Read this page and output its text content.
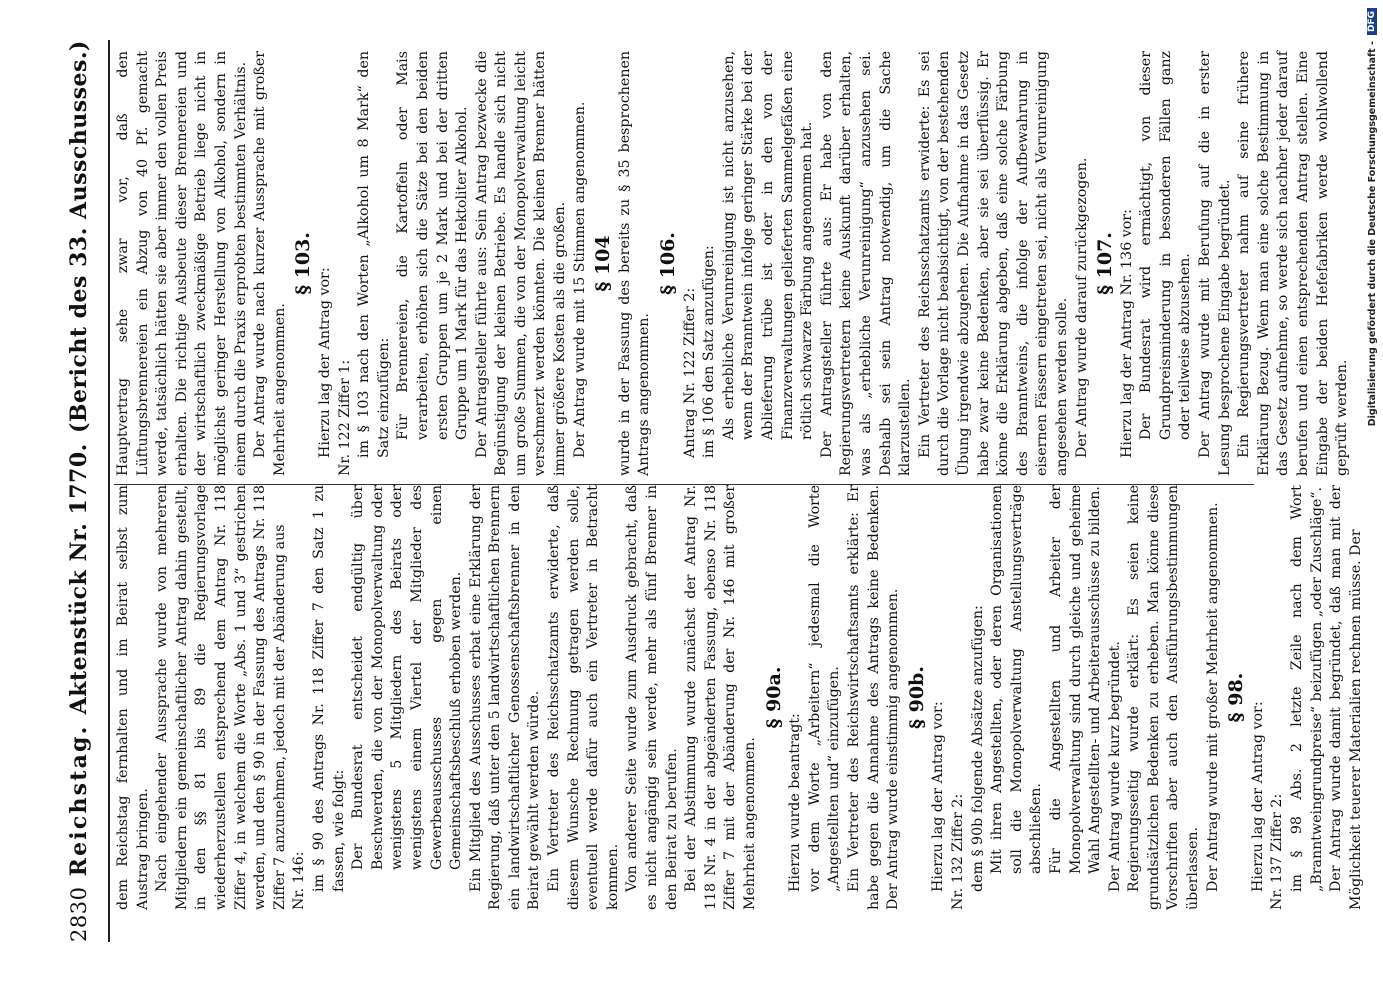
2830
Reichstag.
Aktenstück Nr. 1770.
(Bericht des 33. Ausschusses.)

dem Reichstag fernhalten und im Beirat selbst zum Austrag bringen. Nach eingehender Aussprache wurde von mehreren Mitgliedern ein gemeinschaftlicher Antrag dahin gestellt, in den §§ 81 bis 89 die Regierungsvorlage wiederherzustellen entsprechend dem Antrag Nr. 118 Ziffer 4, in welchem die Worte „Abs. 1 und 3“ gestrichen werden, und den § 90 in der Fassung des Antrags Nr. 118 Ziffer 7 anzunehmen, jedoch mit der Abänderung aus Nr. 146: im § 90 des Antrags Nr. 118 Ziffer 7 den Satz 1 zu fassen, wie folgt: Der Bundesrat entscheidet endgültig über Beschwerden, die von der Monopolverwaltung oder wenigstens 5 Mitgliedern des Beirats oder wenigstens einem Viertel der Mitglieder des Gewerbeausschusses gegen einen Gemeinschaftsbeschluß erhoben werden. Ein Mitglied des Ausschusses erbat eine Erklärung der Regierung, daß unter den 5 landwirtschaftlichen Brennern ein landwirtschaftlicher Genossenschaftsbrenner in den Beirat gewählt werden würde. Ein Vertreter des Reichsschatzamts erwiderte, daß diesem Wunsche Rechnung getragen werden solle, eventuell werde dafür auch ein Vertreter in Betracht kommen. Von anderer Seite wurde zum Ausdruck gebracht, daß es nicht angängig sein werde, mehr als fünf Brenner in den Beirat zu berufen. Bei der Abstimmung wurde zunächst der Antrag Nr. 118 Nr. 4 in der abgeänderten Fassung, ebenso Nr. 118 Ziffer 7 mit der Abänderung der Nr. 146 mit großer Mehrheit angenommen.

§ 90a.

Hierzu wurde beantragt: vor dem Worte „Arbeitern“ jedesmal die Worte „Angestellten und“ einzufügen. Ein Vertreter des Reichswirtschaftsamts erklärte: Er habe gegen die Annahme des Antrags keine Bedenken. Der Antrag wurde einstimmig angenommen. § 90b.

Hierzu lag der Antrag vor: Nr. 132 Ziffer 2: dem § 90b folgende Absätze anzufügen: Mit ihren Angestellten, oder deren Organisationen soll die Monopolverwaltung Anstellungsverträge abschließen. Für die Angestellten und Arbeiter der Monopolverwaltung sind durch gleiche und geheime Wahl Angestellten- und Arbeiterausschüsse zu bilden. Der Antrag wurde kurz begründet. Regierungsseitig wurde erklärt: Es seien keine grundsätzlichen Bedenken zu erheben. Man könne diese Vorschriften aber auch den Ausführungsbestimmungen überlassen. Der Antrag wurde mit großer Mehrheit angenommen. § 98.

Hierzu lag der Antrag vor: Nr. 137 Ziffer 2: im § 98 Abs. 2 letzte Zeile nach dem Wort „Branntweingrundpreise“ beizufügen „oder Zuschläge“. Der Antrag wurde damit begründet, daß man mit der Möglichkeit teuerer Materialien rechnen müsse. Der

Hauptvertrag sehe zwar vor, daß den Lüftungsbrennereien ein Abzug von 40 Pf. gemacht werde, tatsächlich hätten sie aber immer den vollen Preis erhalten. Die richtige Ausbeute dieser Brennereien und der wirtschaftlich zweckmäßige Betrieb liege nicht in möglichst geringer Herstellung von Alkohol, sondern in einem durch die Praxis erprobten bestimmten Verhältnis. Der Antrag wurde nach kurzer Aussprache mit großer Mehrheit angenommen.

§ 103.

Hierzu lag der Antrag vor: Nr. 122 Ziffer 1: im § 103 nach den Worten „Alkohol um 8 Mark“ den Satz einzufügen: Für Brennereien, die Kartoffeln oder Mais verarbeiten, erhöhen sich die Sätze bei den beiden ersten Gruppen um je 2 Mark und bei der dritten Gruppe um 1 Mark für das Hektoliter Alkohol. Der Antragsteller führte aus: Sein Antrag bezwecke die Begünstigung der kleinen Betriebe. Es handle sich nicht um große Summen, die von der Monopolverwaltung leicht verschmerzt werden könnten. Die kleinen Brenner hätten immer größere Kosten als die großen. Der Antrag wurde mit 15 Stimmen angenommen. § 104 wurde in der Fassung des bereits zu § 35 besprochenen Antrags angenommen.

§ 106.

Antrag Nr. 122 Ziffer 2: im § 106 den Satz anzufügen: Als erhebliche Verunreinigung ist nicht anzusehen, wenn der Branntwein infolge geringer Stärke bei der Ablieferung trübe ist oder in den von der Finanzverwaltungen gelieferten Sammelgefäßen eine rötlich schwarze Färbung angenommen hat. Der Antragsteller führte aus: Er habe von den Regierungsvertretern keine Auskunft darüber erhalten, was als „erhebliche Verunreinigung“ anzusehen sei. Deshalb sei sein Antrag notwendig, um die Sache klarzustellen. Ein Vertreter des Reichsschatzamts erwiderte: Es sei durch die Vorlage nicht beabsichtigt, von der bestehenden Übung irgendwie abzugehen. Die Aufnahme in das Gesetz habe zwar keine Bedenken, aber sie sei überflüssig. Er könne die Erklärung abgeben, daß eine solche Färbung des Branntweins, die infolge der Aufbewahrung in eisernen Fässern eingetreten sei, nicht als Verunreinigung angesehen werden solle. Der Antrag wurde darauf zurückgezogen. § 107. Hierzu lag der Antrag Nr. 136 vor: Der Bundesrat wird ermächtigt, von dieser Grundpreisminderung in besonderen Fällen ganz oder teilweise abzusehen. Der Antrag wurde mit Berufung auf die in erster Lesung besprochene Eingabe begründet. Ein Regierungsvertreter nahm auf seine frühere Erklärung Bezug. Wenn man eine solche Bestimmung in das Gesetz aufnehme, so werde sich nachher jeder darauf berufen und einen entsprechenden Antrag stellen. Eine Eingabe der beiden Hefefabriken werde wohlwollend geprüft werden. Digitalisierung gefördert durch die Deutsche Forschungsgemeinschaft -
DFG
